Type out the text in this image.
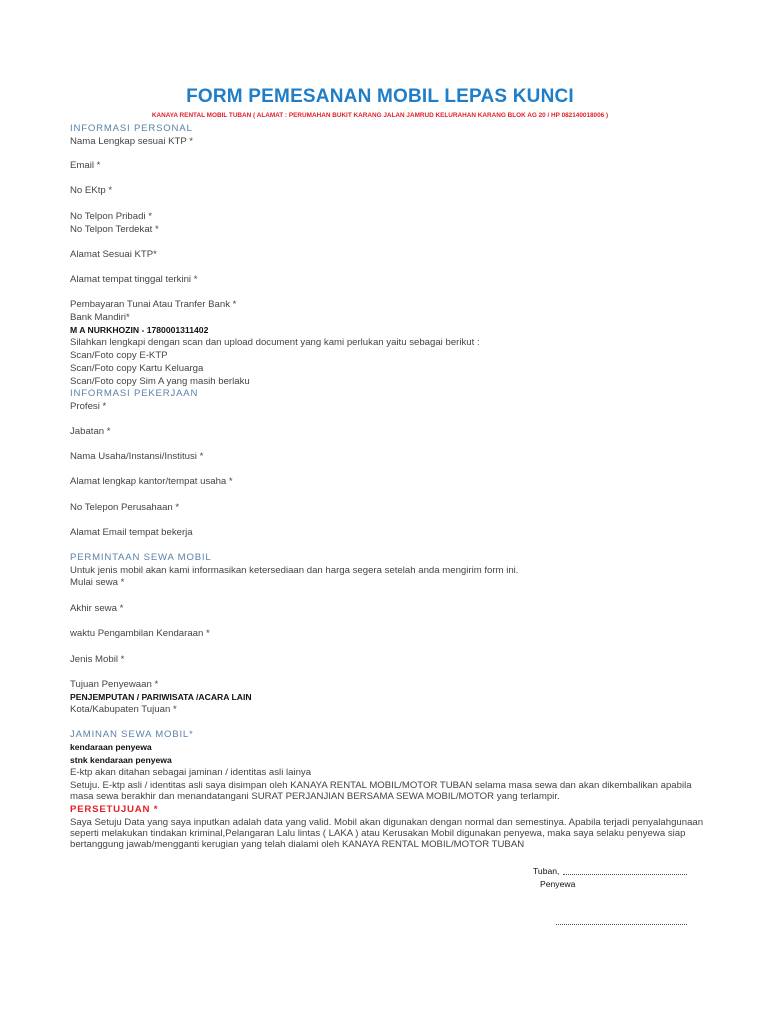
FORM PEMESANAN MOBIL LEPAS KUNCI
KANAYA RENTAL MOBIL TUBAN ( ALAMAT : PERUMAHAN BUKIT KARANG JALAN JAMRUD KELURAHAN KARANG BLOK AG 20 / HP 082140018006 )
INFORMASI PERSONAL
Nama Lengkap sesuai KTP *
Email *
No EKtp *
No Telpon Pribadi *
No Telpon Terdekat *
Alamat Sesuai KTP*
Alamat tempat tinggal terkini *
Pembayaran Tunai Atau Tranfer Bank *
Bank Mandiri*
M A NURKHOZIN - 1780001311402
Silahkan lengkapi dengan scan dan upload document yang kami perlukan yaitu sebagai berikut :
Scan/Foto copy E-KTP
Scan/Foto copy Kartu Keluarga
Scan/Foto copy Sim A yang masih berlaku
INFORMASI PEKERJAAN
Profesi *
Jabatan *
Nama Usaha/Instansi/Institusi *
Alamat lengkap kantor/tempat usaha *
No Telepon Perusahaan *
Alamat Email tempat bekerja
PERMINTAAN SEWA MOBIL
Untuk jenis mobil akan kami informasikan ketersediaan dan harga segera setelah anda mengirim form ini.
Mulai sewa *
Akhir sewa *
waktu Pengambilan Kendaraan *
Jenis Mobil *
Tujuan Penyewaan *
PENJEMPUTAN / PARIWISATA /ACARA LAIN
Kota/Kabupaten Tujuan *
JAMINAN SEWA MOBIL*
kendaraan penyewa
stnk kendaraan penyewa
E-ktp akan ditahan sebagai jaminan / identitas asli lainya
Setuju. E-ktp asli / identitas asli saya disimpan oleh KANAYA RENTAL MOBIL/MOTOR TUBAN selama masa sewa dan akan dikembalikan apabila masa sewa berakhir dan menandatangani SURAT PERJANJIAN BERSAMA SEWA MOBIL/MOTOR yang terlampir.
PERSETUJUAN *
Saya Setuju Data yang saya inputkan adalah data yang valid. Mobil akan digunakan dengan normal dan semestinya. Apabila terjadi penyalahgunaan seperti melakukan tindakan kriminal,Pelangaran Lalu lintas ( LAKA ) atau Kerusakan Mobil digunakan penyewa, maka saya selaku penyewa siap bertanggung jawab/mengganti kerugian yang telah dialami oleh KANAYA RENTAL MOBIL/MOTOR TUBAN
Tuban,
Penyewa
